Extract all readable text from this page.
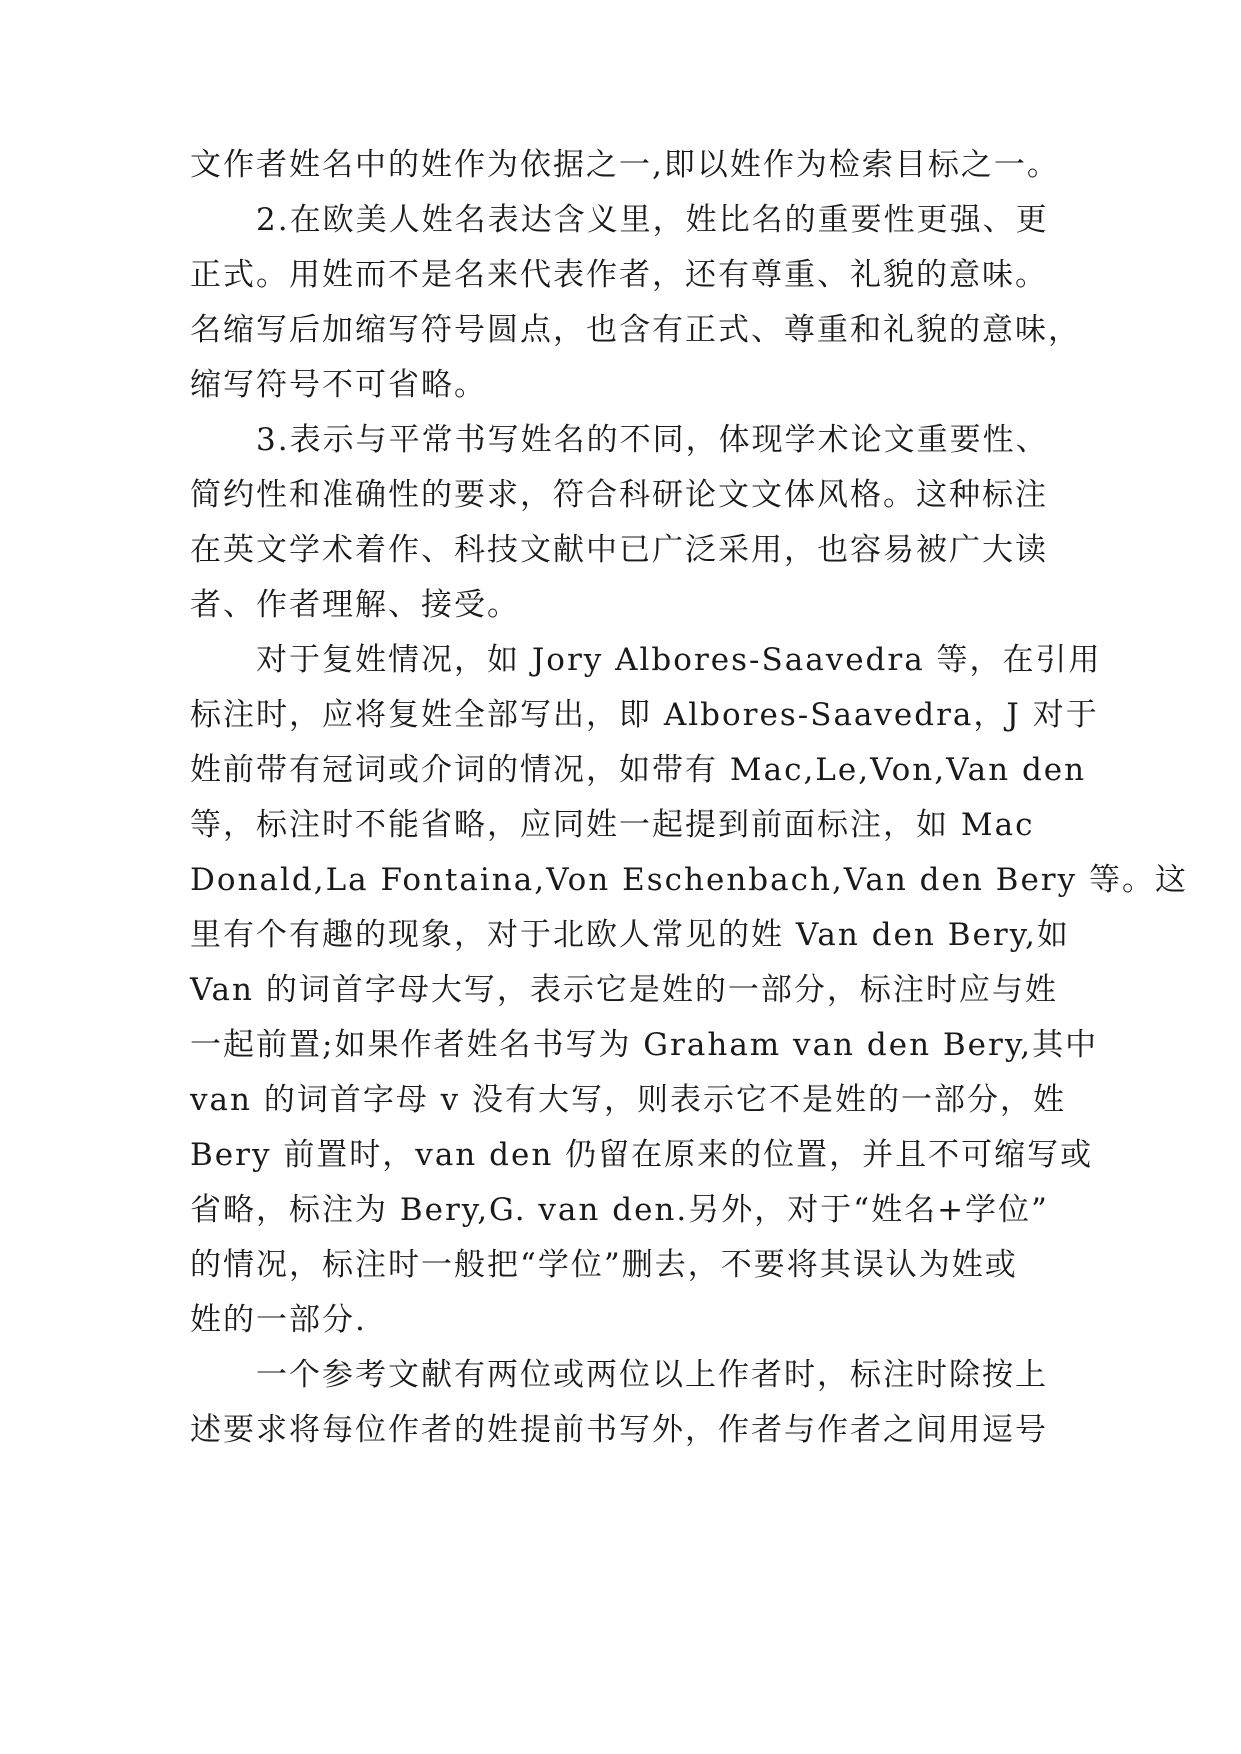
文作者姓名中的姓作为依据之一,即以姓作为检索目标之一。
　　2.在欧美人姓名表达含义里，姓比名的重要性更强、更
正式。用姓而不是名来代表作者，还有尊重、礼貌的意味。
名缩写后加缩写符号圆点，也含有正式、尊重和礼貌的意味，
缩写符号不可省略。
　　3.表示与平常书写姓名的不同，体现学术论文重要性、
简约性和准确性的要求，符合科研论文文体风格。这种标注
在英文学术着作、科技文献中已广泛采用，也容易被广大读
者、作者理解、接受。
　　对于复姓情况，如 Jory Albores-Saavedra 等，在引用
标注时，应将复姓全部写出，即 Albores-Saavedra，J 对于
姓前带有冠词或介词的情况，如带有 Mac,Le,Von,Van den
等，标注时不能省略，应同姓一起提到前面标注，如 Mac
Donald,La Fontaina,Von Eschenbach,Van den Bery 等。这
里有个有趣的现象，对于北欧人常见的姓 Van den Bery,如
Van 的词首字母大写，表示它是姓的一部分，标注时应与姓
一起前置;如果作者姓名书写为 Graham van den Bery,其中
van 的词首字母 v 没有大写，则表示它不是姓的一部分，姓
Bery 前置时，van den 仍留在原来的位置，并且不可缩写或
省略，标注为 Bery,G. van den.另外，对于“姓名+学位”
的情况，标注时一般把“学位”删去，不要将其误认为姓或
姓的一部分.
　　一个参考文献有两位或两位以上作者时，标注时除按上
述要求将每位作者的姓提前书写外，作者与作者之间用逗号
